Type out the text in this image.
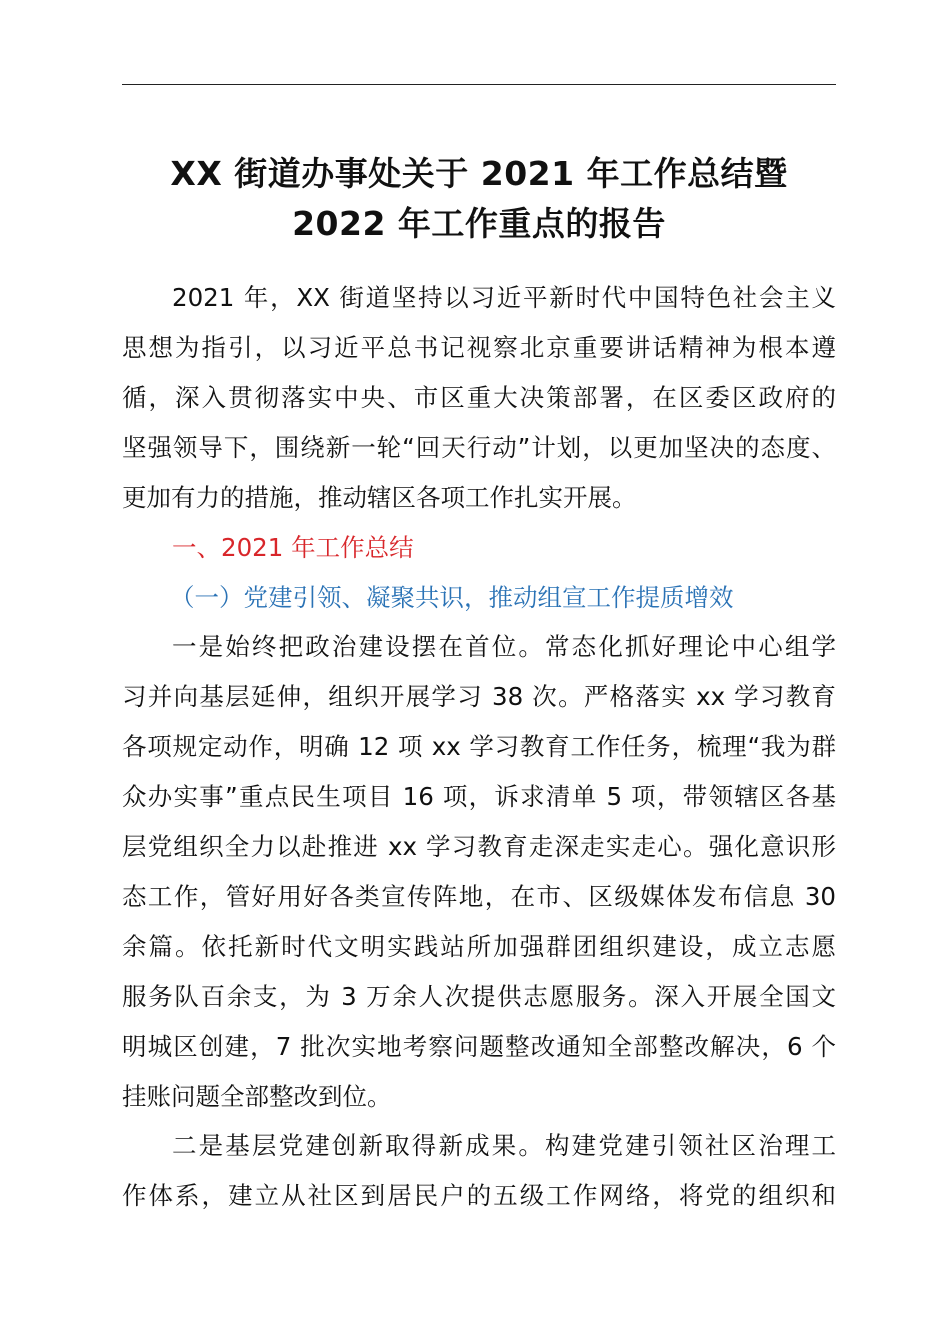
XX 街道办事处关于 2021 年工作总结暨
2022 年工作重点的报告
2021 年，XX 街道坚持以习近平新时代中国特色社会主义
思想为指引，以习近平总书记视察北京重要讲话精神为根本遵
循，深入贯彻落实中央、市区重大决策部署，在区委区政府的
坚强领导下，围绕新一轮“回天行动”计划，以更加坚决的态度、
更加有力的措施，推动辖区各项工作扎实开展。
一、2021 年工作总结
（一）党建引领、凝聚共识，推动组宣工作提质增效
一是始终把政治建设摆在首位。常态化抓好理论中心组学
习并向基层延伸，组织开展学习 38 次。严格落实 xx 学习教育
各项规定动作，明确 12 项 xx 学习教育工作任务，梳理“我为群
众办实事”重点民生项目 16 项，诉求清单 5 项，带领辖区各基
层党组织全力以赴推进 xx 学习教育走深走实走心。强化意识形
态工作，管好用好各类宣传阵地，在市、区级媒体发布信息 30
余篇。依托新时代文明实践站所加强群团组织建设，成立志愿
服务队百余支，为 3 万余人次提供志愿服务。深入开展全国文
明城区创建，7 批次实地考察问题整改通知全部整改解决，6 个
挂账问题全部整改到位。
二是基层党建创新取得新成果。构建党建引领社区治理工
作体系，建立从社区到居民户的五级工作网络，将党的组织和
